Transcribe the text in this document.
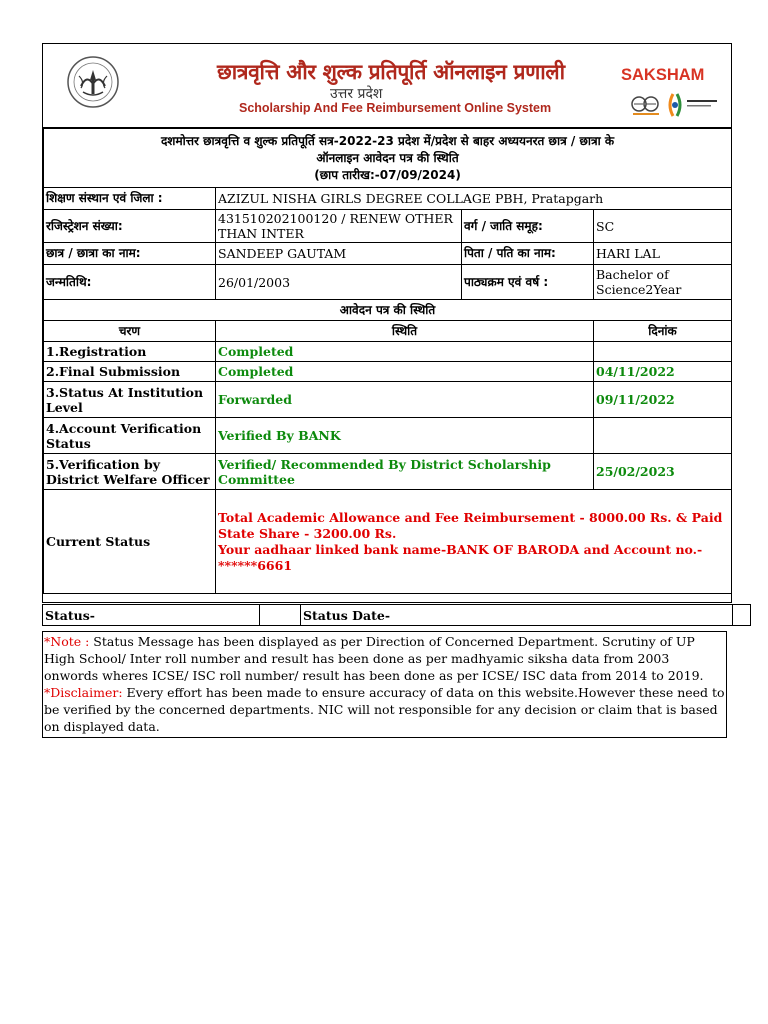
छात्रवृत्ति और शुल्क प्रतिपूर्ति ऑनलाइन प्रणाली
उत्तर प्रदेश
Scholarship And Fee Reimbursement Online System
SAKSHAM
दशमोत्तर छात्रवृत्ति व शुल्क प्रतिपूर्ति सत्र-2022-23 प्रदेश में/प्रदेश से बाहर अध्ययनरत छात्र / छात्रा के
ऑनलाइन आवेदन पत्र की स्थिति
(छाप तारीख:-07/09/2024)			

शिक्षण संस्थान एवं जिला :	AZIZUL NISHA GIRLS DEGREE COLLAGE PBH, Pratapgarh		
रजिस्ट्रेशन संख्या:	431510202100120 / RENEW OTHER THAN INTER	वर्ग / जाति समूह:	SC
छात्र / छात्रा का नाम:	SANDEEP GAUTAM	पिता / पति का नाम:	HARI LAL
जन्मतिथि:	26/01/2003	पाठ्यक्रम एवं वर्ष :	Bachelor of Science2Year
आवेदन पत्र की स्थिति			
चरण	स्थिति		दिनांक
1.Registration	Completed		
2.Final Submission	Completed		04/11/2022
3.Status At Institution Level	Forwarded		09/11/2022
4.Account Verification Status	Verified By BANK		
5.Verification by District Welfare Officer	Verified/ Recommended By District Scholarship Committee		25/02/2023
Current Status	Total Academic Allowance and Fee Reimbursement - 8000.00 Rs. & Paid State Share - 3200.00 Rs.
Your aadhaar linked bank name-BANK OF BARODA and Account no.- ******6661		
Status-		Status Date-	
*Note : Status Message has been displayed as per Direction of Concerned Department. Scrutiny of UP High School/ Inter roll number and result has been done as per madhyamic siksha data from 2003 onwords wheres ICSE/ ISC roll number/ result has been done as per ICSE/ ISC data from 2014 to 2019.
*Disclaimer: Every effort has been made to ensure accuracy of data on this website.However these need to be verified by the concerned departments. NIC will not responsible for any decision or claim that is based on displayed data.
